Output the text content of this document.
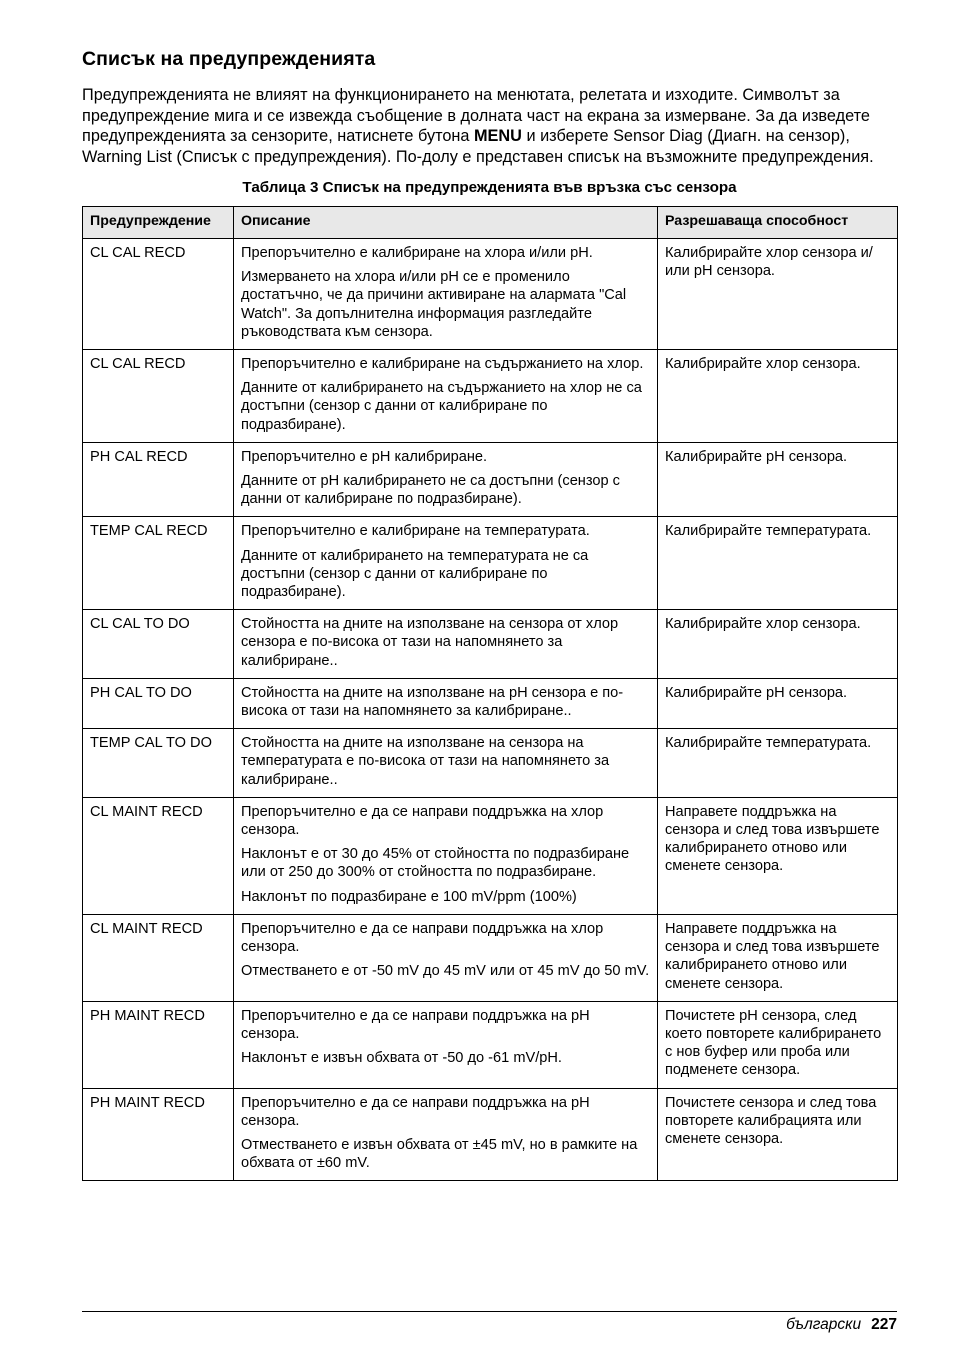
Списък на предупрежденията

Предупрежденията не влияят на функционирането на менютата, релетата и изходите. Символът за предупреждение мига и се извежда съобщение в долната част на екрана за измерване. За да изведете предупрежденията за сензорите, натиснете бутона MENU и изберете Sensor Diag (Диагн. на сензор), Warning List (Списък с предупреждения). По-долу е представен списък на възможните предупреждения.

Таблица 3 Списък на предупрежденията във връзка със сензора
Предупреждение	Описание	Разрешаваща способност
CL CAL RECD	Препоръчително е калибриране на хлора и/или pH.

Измерването на хлора и/или pH се е променило достатъчно, че да причини активиране на алармата "Cal Watch". За допълнителна информация разгледайте ръководствата към сензора.	Калибрирайте хлор сензора и/или pH сензора.
CL CAL RECD	Препоръчително е калибриране на съдържанието на хлор.

Данните от калибрирането на съдържанието на хлор не са достъпни (сензор с данни от калибриране по подразбиране).	Калибрирайте хлор сензора.
PH CAL RECD	Препоръчително е pH калибриране.

Данните от pH калибрирането не са достъпни (сензор с данни от калибриране по подразбиране).	Калибрирайте pH сензора.
TEMP CAL RECD	Препоръчително е калибриране на температурата.

Данните от калибрирането на температурата не са достъпни (сензор с данни от калибриране по подразбиране).	Калибрирайте температурата.
CL CAL TO DO	Стойността на дните на използване на сензора от хлор сензора е по-висока от тази на напомнянето за калибриране..	Калибрирайте хлор сензора.
PH CAL TO DO	Стойността на дните на използване на pH сензора е по-висока от тази на напомнянето за калибриране..	Калибрирайте pH сензора.
TEMP CAL TO DO	Стойността на дните на използване на сензора на температурата е по-висока от тази на напомнянето за калибриране..	Калибрирайте температурата.
CL MAINT RECD	Препоръчително е да се направи поддръжка на хлор сензора.

Наклонът е от 30 до 45% от стойността по подразбиране или от 250 до 300% от стойността по подразбиране.

Наклонът по подразбиране е 100 mV/ppm (100%)	Направете поддръжка на сензора и след това извършете калибрирането отново или сменете сензора.
CL MAINT RECD	Препоръчително е да се направи поддръжка на хлор сензора.

Отместването е от -50 mV до 45 mV или от 45 mV до 50 mV.	Направете поддръжка на сензора и след това извършете калибрирането отново или сменете сензора.
PH MAINT RECD	Препоръчително е да се направи поддръжка на pH сензора.

Наклонът е извън обхвата от -50 до -61 mV/pH.	Почистете pH сензора, след което повторете калибрирането с нов буфер или проба или подменете сензора.
PH MAINT RECD	Препоръчително е да се направи поддръжка на pH сензора.

Отместването е извън обхвата от ±45 mV, но в рамките на обхвата от ±60 mV.	Почистете сензора и след това повторете калибрацията или сменете сензора.
български 227
